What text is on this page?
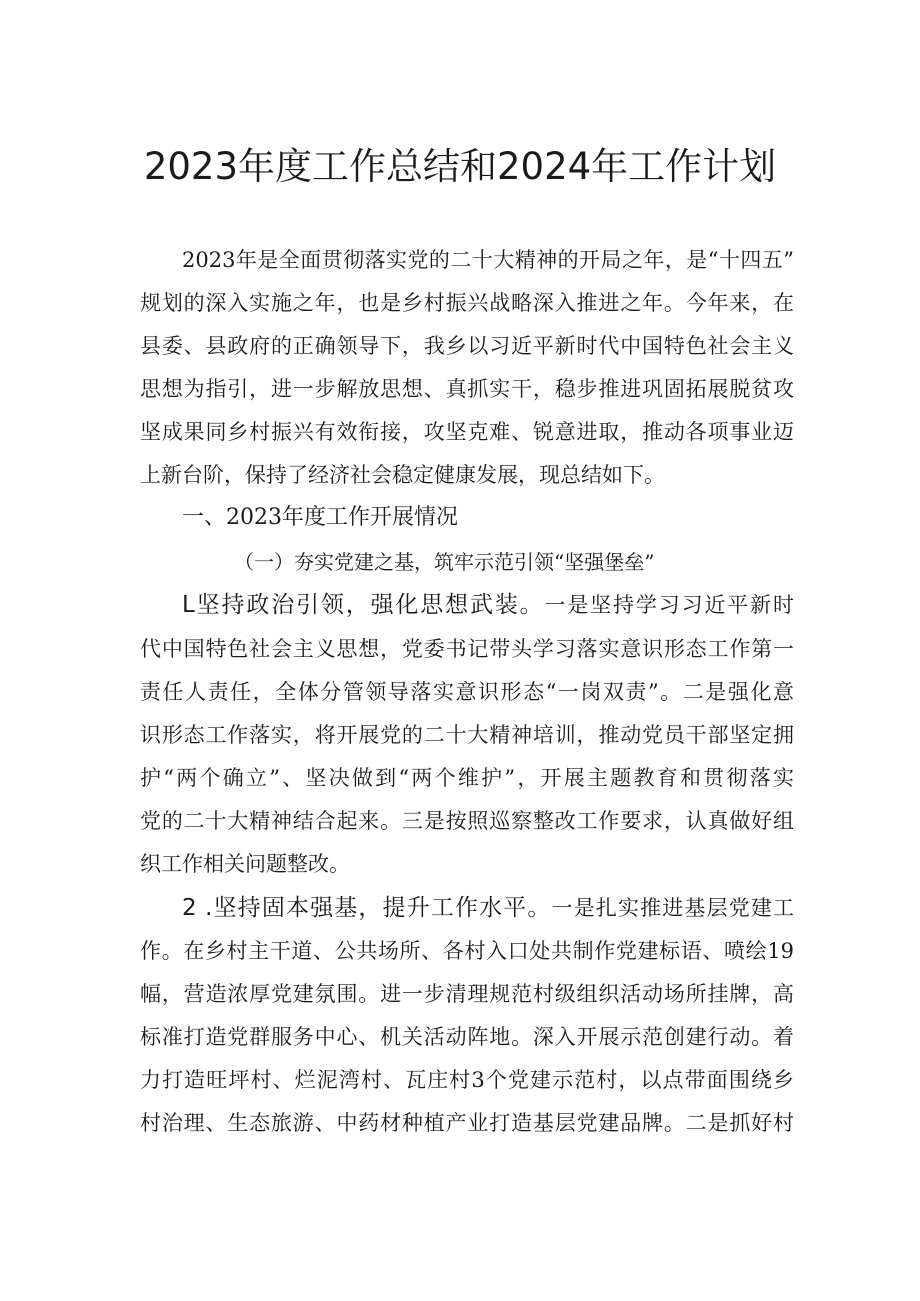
2023年度工作总结和2024年工作计划
2023年是全面贯彻落实党的二十大精神的开局之年，是“十四五”
规划的深入实施之年，也是乡村振兴战略深入推进之年。今年来，在
县委、县政府的正确领导下，我乡以习近平新时代中国特色社会主义
思想为指引，进一步解放思想、真抓实干，稳步推进巩固拓展脱贫攻
坚成果同乡村振兴有效衔接，攻坚克难、锐意进取，推动各项事业迈
上新台阶，保持了经济社会稳定健康发展，现总结如下。
一、2023年度工作开展情况
（一）夯实党建之基，筑牢示范引领“坚强堡垒”
L坚持政治引领，强化思想武装。一是坚持学习习近平新时
代中国特色社会主义思想，党委书记带头学习落实意识形态工作第一
责任人责任，全体分管领导落实意识形态“一岗双责”。二是强化意
识形态工作落实，将开展党的二十大精神培训，推动党员干部坚定拥
护“两个确立”、坚决做到“两个维护”，开展主题教育和贯彻落实
党的二十大精神结合起来。三是按照巡察整改工作要求，认真做好组
织工作相关问题整改。
2 .坚持固本强基，提升工作水平。一是扎实推进基层党建工
作。在乡村主干道、公共场所、各村入口处共制作党建标语、喷绘19
幅，营造浓厚党建氛围。进一步清理规范村级组织活动场所挂牌，高
标准打造党群服务中心、机关活动阵地。深入开展示范创建行动。着
力打造旺坪村、烂泥湾村、瓦庄村3个党建示范村，以点带面围绕乡
村治理、生态旅游、中药材种植产业打造基层党建品牌。二是抓好村
